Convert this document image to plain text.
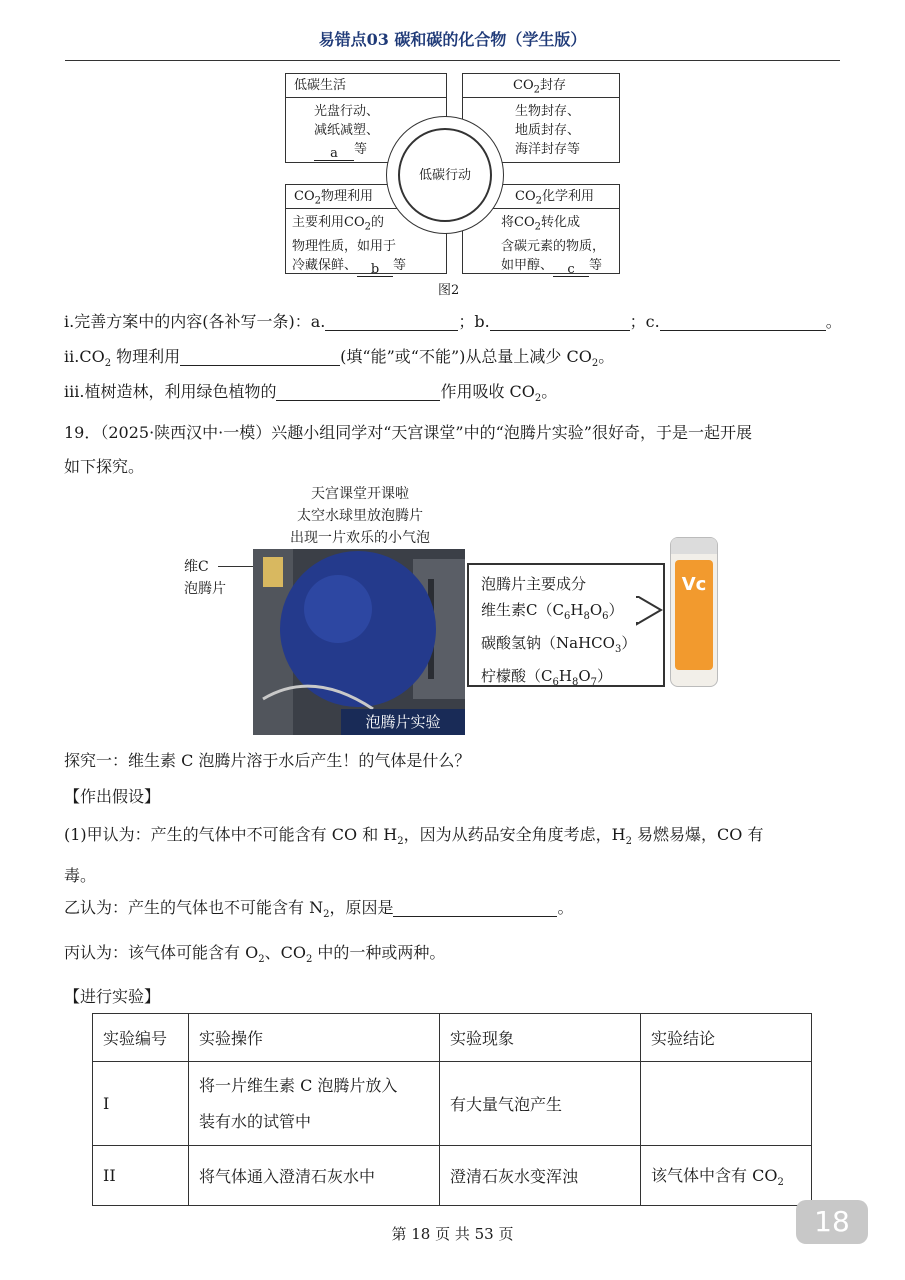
易错点03 碳和碳的化合物（学生版）
低碳生活
光盘行动、
减纸减塑、
a 等
$CO_2$封存
生物封存、
地质封存、
海洋封存等
$CO_2$物理利用
主要利用$CO_2$的
物理性质，如用于
冷藏保鲜、 b 等
$CO_2$化学利用
将$CO_2$转化成
含碳元素的物质，
如甲醇、 c 等
低碳行动
图2
i.完善方案中的内容(各补写一条)：a.	；b.	；c.	。
$ii.CO_2$ 物理利用	(填“能”或“不能”)从总量上减少 $CO_2$。
iii.植树造林，利用绿色植物的	作用吸收 $CO_2$。
19．（2025·陕西汉中·一模）兴趣小组同学对“天宫课堂”中的“泡腾片实验”很好奇，于是一起开展
如下探究。
天宫课堂开课啦
太空水球里放泡腾片
出现一片欢乐的小气泡
维C
泡腾片
泡腾片实验
泡腾片主要成分
维生素$C(C_6H_8O_6)$
碳酸氢钠（NaHCO$_3$）
柠檬酸$(C_6H_8O_7)$
Vc
探究一：维生素 C 泡腾片溶于水后产生！的气体是什么？
【作出假设】
(1)甲认为：产生的气体中不可能含有 CO 和 $H_2$，因为从药品安全角度考虑，$H_2$ 易燃易爆，CO 有
毒。
乙认为：产生的气体也不可能含有 $N_2$，原因是	。
丙认为：该气体可能含有 $O_2$、$CO_2$ 中的一种或两种。
【进行实验】
实验编号	实验操作	实验现象	实验结论
I	将一片维生素 C 泡腾片放入
装有水的试管中	有大量气泡产生	
II	将气体通入澄清石灰水中	澄清石灰水变浑浊	该气体中含有 $CO_2$
第 18 页 共 53 页	18
